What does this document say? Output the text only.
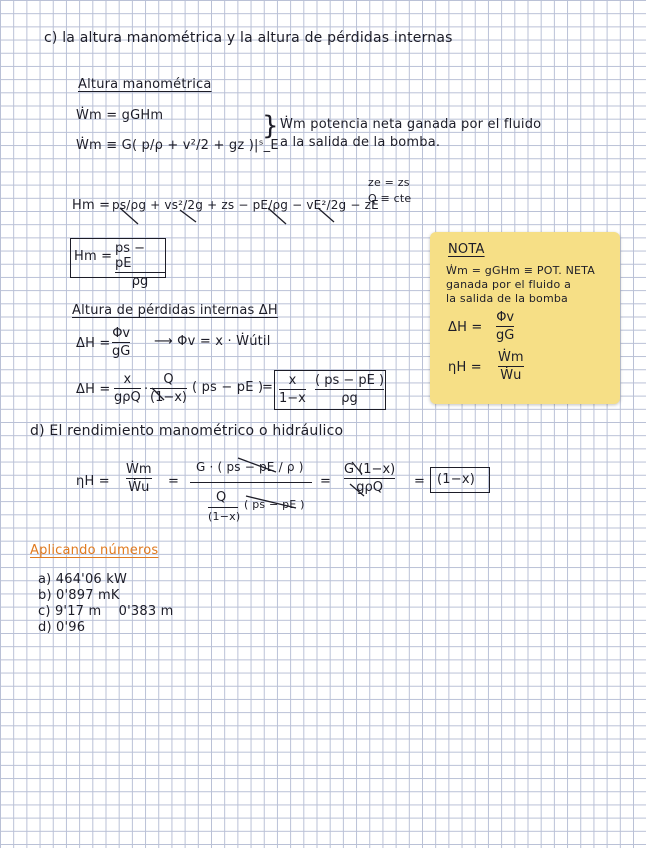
c) la altura manométrica y la altura de pérdidas internas
Altura manométrica
Ẇm = gGHm
Ẇm ≡ G( p/ρ + v²/2 + gz )|ˢ_E
} Ẇm potencia neta ganada por el fluido
a la salida de la bomba.
ze = zs
Q ≡ cte
Hm = ps/ρg + vs²/2g + zs − pE/ρg − vE²/2g − zE
Hm =
ps − pE
ρg
NOTA
Ẇm = gGHm ≡ POT. NETA
ganada por el fluido a
la salida de la bomba
ΔH =
Φv
gG
ηH =
Ẇm
Ẇu
Altura de pérdidas internas ΔH
ΔH =
Φv
gG
⟶ Φv = x · Ẇútil
ΔH =
x
gρQ
·
Q
(1−x)
( ps − pE )
= x
1−x
( ps − pE )
ρg
d) El rendimiento manométrico o hidráulico
ηH =
Ẇm
Ẇu =
G · ( ps − pE / ρ )
Q
(1−x)
( ps − pE )
=
G (1−x)
gρQ = (1−x)
Aplicando números
a) 464'06 kW
b) 0'897 mK
c) 9'17 m    0'383 m
d) 0'96
